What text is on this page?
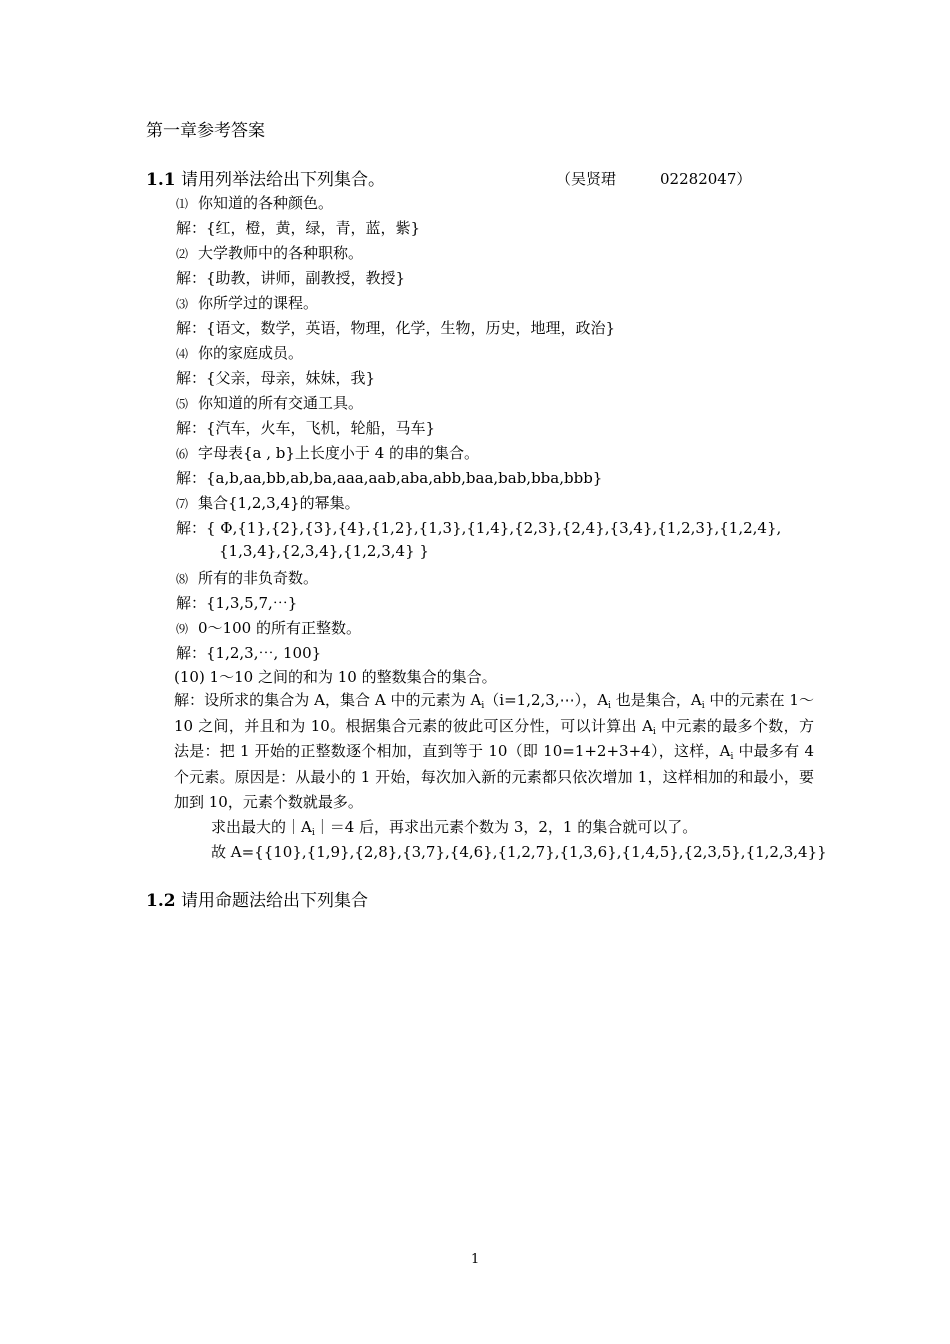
第一章参考答案
1.1 请用列举法给出下列集合。	（吴贤珺	02282047）
⑴ 你知道的各种颜色。
解：{红，橙，黄，绿，青，蓝，紫}
⑵ 大学教师中的各种职称。
解：{助教，讲师，副教授，教授}
⑶ 你所学过的课程。
解：{语文，数学，英语，物理，化学，生物，历史，地理，政治}
⑷ 你的家庭成员。
解：{父亲，母亲，妹妹，我}
⑸ 你知道的所有交通工具。
解：{汽车，火车，飞机，轮船，马车}
⑹ 字母表{a , b}上长度小于 4 的串的集合。
解：{a,b,aa,bb,ab,ba,aaa,aab,aba,abb,baa,bab,bba,bbb}
⑺ 集合{1,2,3,4}的幂集。
解：{ Φ,{1},{2},{3},{4},{1,2},{1,3},{1,4},{2,3},{2,4},{3,4},{1,2,3},{1,2,4},
{1,3,4},{2,3,4},{1,2,3,4} }
⑻ 所有的非负奇数。
解：{1,3,5,7,⋯}
⑼ 0～100 的所有正整数。
解：{1,2,3,⋯, 100}
(10) 1～10 之间的和为 10 的整数集合的集合。
解：设所求的集合为 A，集合 A 中的元素为 $A_i(i=1,2,3,\cdots)$，$A_i$ 也是集合，$A_i$ 中的元素在 1～10 之间，并且和为 10。根据集合元素的彼此可区分性，可以计算出 $A_i$ 中元素的最多个数，方法是：把 1 开始的正整数逐个相加，直到等于 10（即 10=1+2+3+4），这样，$A_i$ 中最多有 4 个元素。原因是：从最小的 1 开始，每次加入新的元素都只依次增加 1，这样相加的和最小，要加到 10，元素个数就最多。
求出最大的$|A_i|=4$ 后，再求出元素个数为 3，2，1 的集合就可以了。
故 A={{10},{1,9},{2,8},{3,7},{4,6},{1,2,7},{1,3,6},{1,4,5},{2,3,5},{1,2,3,4}}
1.2 请用命题法给出下列集合
1
